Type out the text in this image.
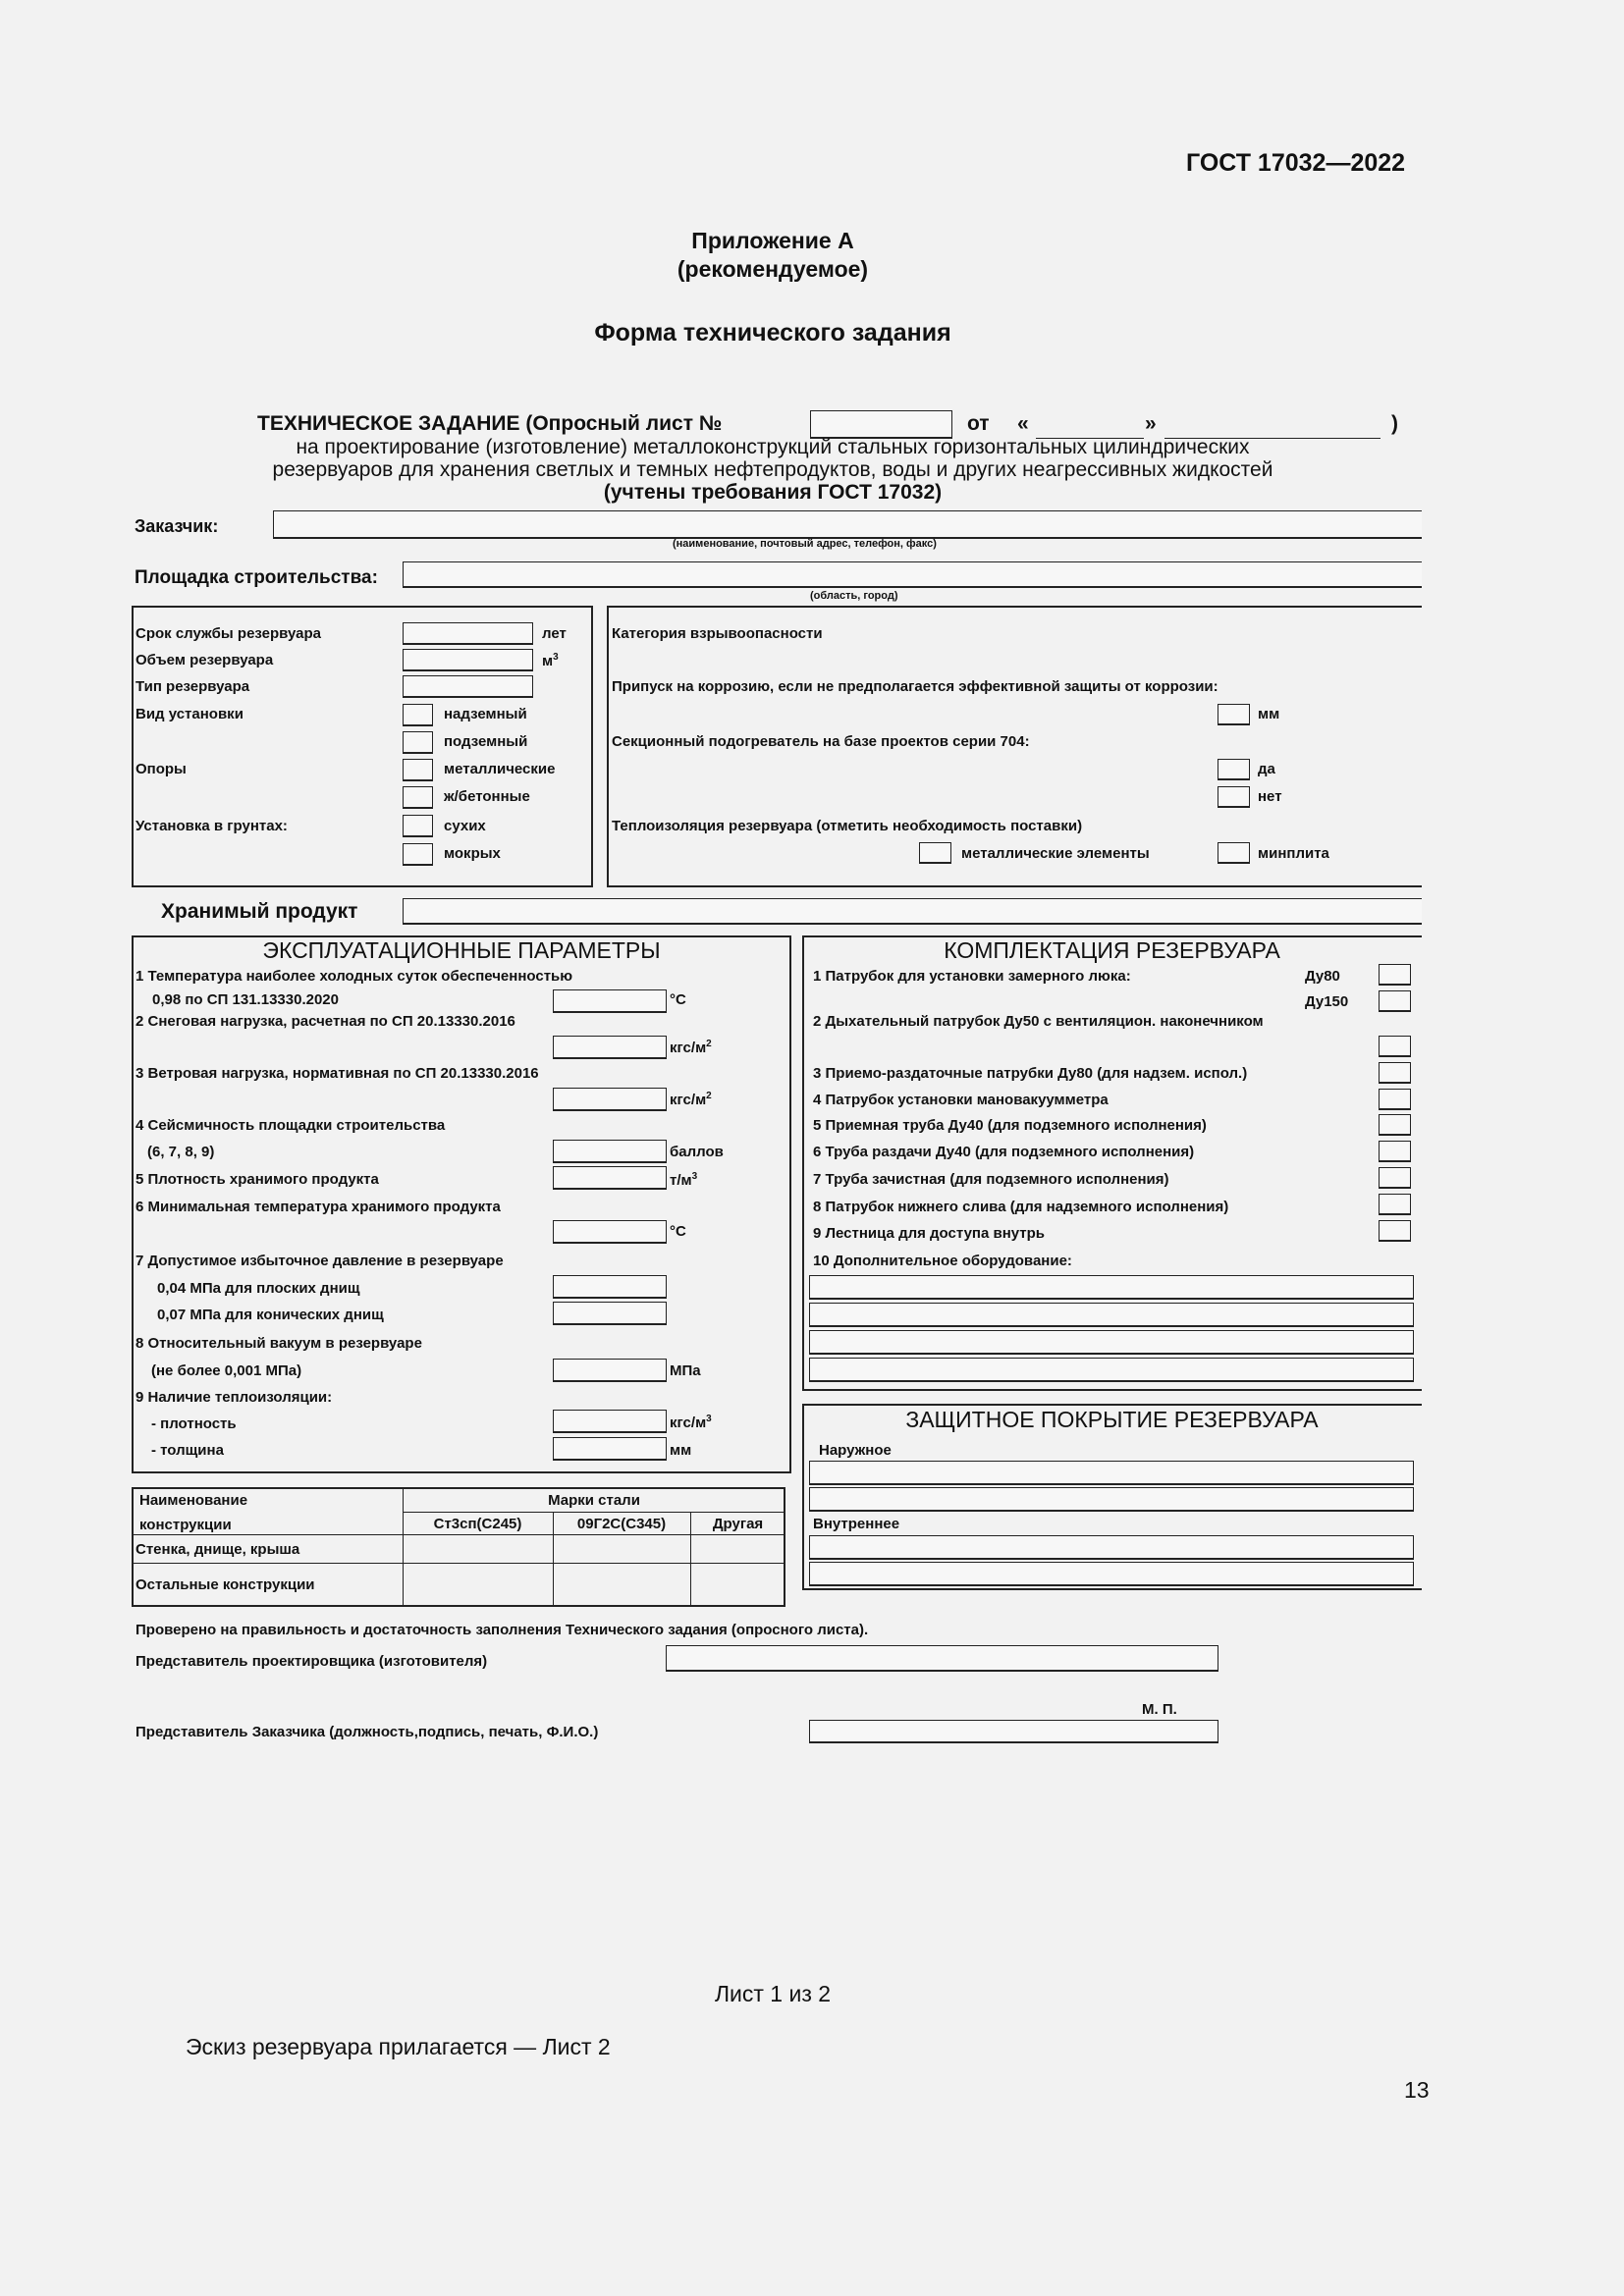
ГОСТ 17032—2022
Приложение А
(рекомендуемое)
Форма технического задания
ТЕХНИЧЕСКОЕ ЗАДАНИЕ (Опросный лист №	от «	»	)
на проектирование (изготовление) металлоконструкций стальных горизонтальных цилиндрических
резервуаров для хранения светлых и темных нефтепродуктов, воды и других неагрессивных жидкостей
(учтены требования ГОСТ 17032)
Заказчик:
(наименование, почтовый адрес, телефон, факс)
Площадка строительства:
(область, город)
Срок службы резервуара	лет
Объем резервуара	$м^3$
Тип резервуара
Вид установки	надземный
подземный
Опоры	металлические
ж/бетонные
Установка в грунтах:	сухих
мокрых
Категория взрывоопасности
Припуск на коррозию, если не предполагается эффективной защиты от коррозии:
мм
Секционный подогреватель на базе проектов серии 704:
да
нет
Теплоизоляция резервуара (отметить необходимость поставки)
металлические элементы	минплита
Хранимый продукт
ЭКСПЛУАТАЦИОННЫЕ ПАРАМЕТРЫ
1 Температура наиболее холодных суток обеспеченностью
0,98 по СП 131.13330.2020	°С
2 Снеговая нагрузка, расчетная по СП 20.13330.2016
кгс/$м^2$
3 Ветровая нагрузка, нормативная по СП 20.13330.2016
кгс/$м^2$
4 Сейсмичность площадки строительства
(6, 7, 8, 9)	баллов
5 Плотность хранимого продукта	$т/м^3$
6 Минимальная температура хранимого продукта
°С
7 Допустимое избыточное давление в резервуаре
0,04 МПа для плоских днищ
0,07 МПа для конических днищ
8 Относительный вакуум в резервуаре
(не более 0,001 МПа)	МПа
9 Наличие теплоизоляции:
- плотность	кгс/$м^3$
- толщина	мм
КОМПЛЕКТАЦИЯ РЕЗЕРВУАРА
1 Патрубок для установки замерного люка:	Ду80
Ду150
2 Дыхательный патрубок Ду50 с вентиляцион. наконечником
3 Приемо-раздаточные патрубки Ду80 (для надзем. испол.)
4 Патрубок установки мановакуумметра
5 Приемная труба Ду40 (для подземного исполнения)
6 Труба раздачи Ду40 (для подземного исполнения)
7 Труба зачистная (для подземного исполнения)
8 Патрубок нижнего слива (для надземного исполнения)
9 Лестница для доступа внутрь
10 Дополнительное оборудование:
ЗАЩИТНОЕ ПОКРЫТИЕ РЕЗЕРВУАРА
Наружное
Внутреннее
Наименование
конструкции
Марки стали
Ст3сп(С245)	09Г2С(С345)	Другая
Стенка, днище, крыша
Остальные конструкции
Проверено на правильность и достаточность заполнения Технического задания (опросного листа).
Представитель проектировщика (изготовителя)
М. П.
Представитель Заказчика (должность,подпись, печать, Ф.И.О.)
Лист 1 из 2
Эскиз резервуара прилагается — Лист 2
13
